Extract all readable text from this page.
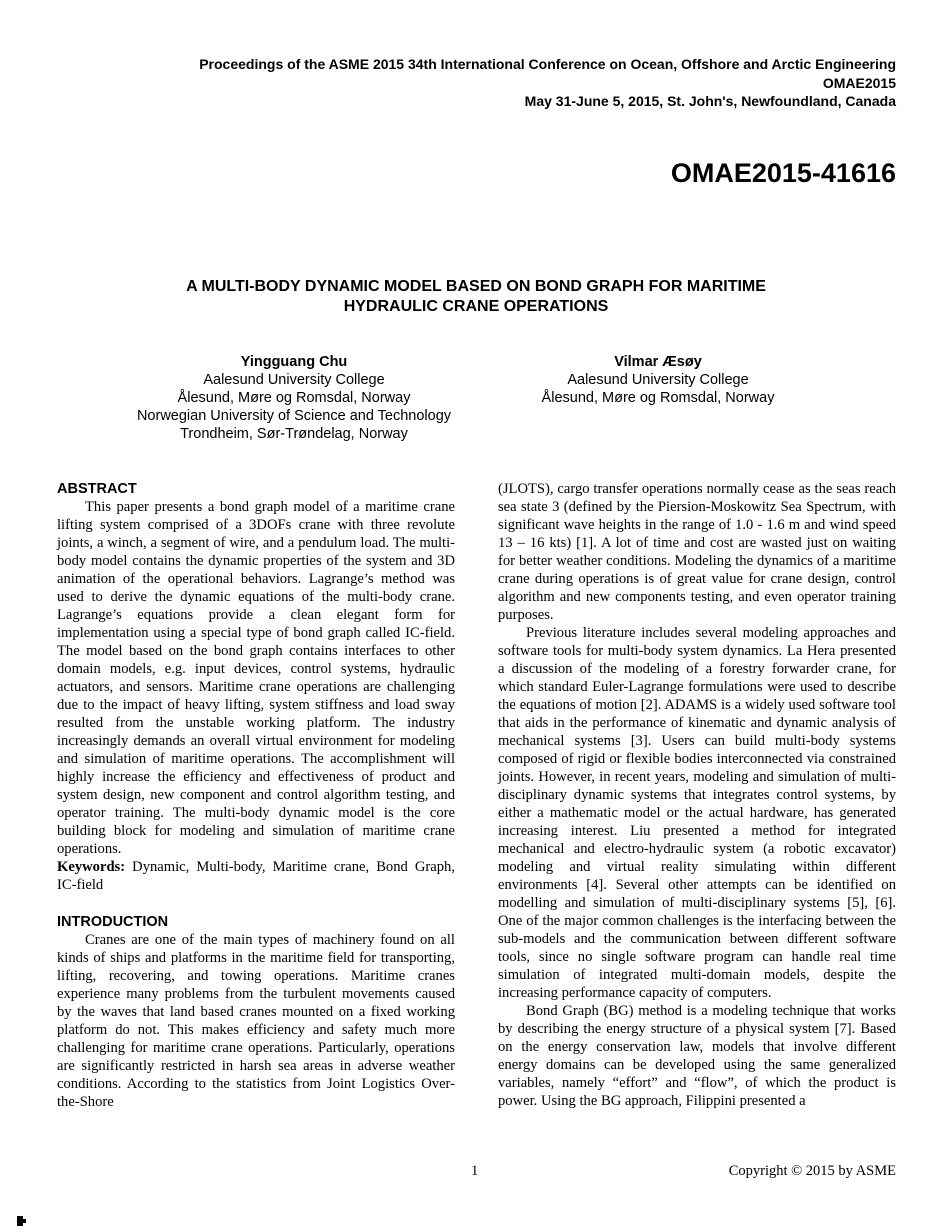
Proceedings of the ASME 2015 34th International Conference on Ocean, Offshore and Arctic Engineering
OMAE2015
May 31-June 5, 2015, St. John's, Newfoundland, Canada
OMAE2015-41616
A MULTI-BODY DYNAMIC MODEL BASED ON BOND GRAPH FOR MARITIME
HYDRAULIC CRANE OPERATIONS
Yingguang Chu
Aalesund University College
Ålesund, Møre og Romsdal, Norway
Norwegian University of Science and Technology
Trondheim, Sør-Trøndelag, Norway
Vilmar Æsøy
Aalesund University College
Ålesund, Møre og Romsdal, Norway
ABSTRACT

This paper presents a bond graph model of a maritime crane lifting system comprised of a 3DOFs crane with three revolute joints, a winch, a segment of wire, and a pendulum load. The multi-body model contains the dynamic properties of the system and 3D animation of the operational behaviors. Lagrange’s method was used to derive the dynamic equations of the multi-body crane. Lagrange’s equations provide a clean elegant form for implementation using a special type of bond graph called IC-field. The model based on the bond graph contains interfaces to other domain models, e.g. input devices, control systems, hydraulic actuators, and sensors. Maritime crane operations are challenging due to the impact of heavy lifting, system stiffness and load sway resulted from the unstable working platform. The industry increasingly demands an overall virtual environment for modeling and simulation of maritime operations. The accomplishment will highly increase the efficiency and effectiveness of product and system design, new component and control algorithm testing, and operator training. The multi-body dynamic model is the core building block for modeling and simulation of maritime crane operations.

Keywords: Dynamic, Multi-body, Maritime crane, Bond Graph, IC-field

INTRODUCTION

Cranes are one of the main types of machinery found on all kinds of ships and platforms in the maritime field for transporting, lifting, recovering, and towing operations. Maritime cranes experience many problems from the turbulent movements caused by the waves that land based cranes mounted on a fixed working platform do not. This makes efficiency and safety much more challenging for maritime crane operations. Particularly, operations are significantly restricted in harsh sea areas in adverse weather conditions. According to the statistics from Joint Logistics Over-the-Shore

(JLOTS), cargo transfer operations normally cease as the seas reach sea state 3 (defined by the Piersion-Moskowitz Sea Spectrum, with significant wave heights in the range of 1.0 - 1.6 m and wind speed 13 – 16 kts) [1]. A lot of time and cost are wasted just on waiting for better weather conditions. Modeling the dynamics of a maritime crane during operations is of great value for crane design, control algorithm and new components testing, and even operator training purposes.

Previous literature includes several modeling approaches and software tools for multi-body system dynamics. La Hera presented a discussion of the modeling of a forestry forwarder crane, for which standard Euler-Lagrange formulations were used to describe the equations of motion [2]. ADAMS is a widely used software tool that aids in the performance of kinematic and dynamic analysis of mechanical systems [3]. Users can build multi-body systems composed of rigid or flexible bodies interconnected via constrained joints. However, in recent years, modeling and simulation of multi-disciplinary dynamic systems that integrates control systems, by either a mathematic model or the actual hardware, has generated increasing interest. Liu presented a method for integrated mechanical and electro-hydraulic system (a robotic excavator) modeling and virtual reality simulating within different environments [4]. Several other attempts can be identified on modelling and simulation of multi-disciplinary systems [5], [6]. One of the major common challenges is the interfacing between the sub-models and the communication between different software tools, since no single software program can handle real time simulation of integrated multi-domain models, despite the increasing performance capacity of computers.

Bond Graph (BG) method is a modeling technique that works by describing the energy structure of a physical system [7]. Based on the energy conservation law, models that involve different energy domains can be developed using the same generalized variables, namely “effort” and “flow”, of which the product is power. Using the BG approach, Filippini presented a

1	Copyright © 2015 by ASME
